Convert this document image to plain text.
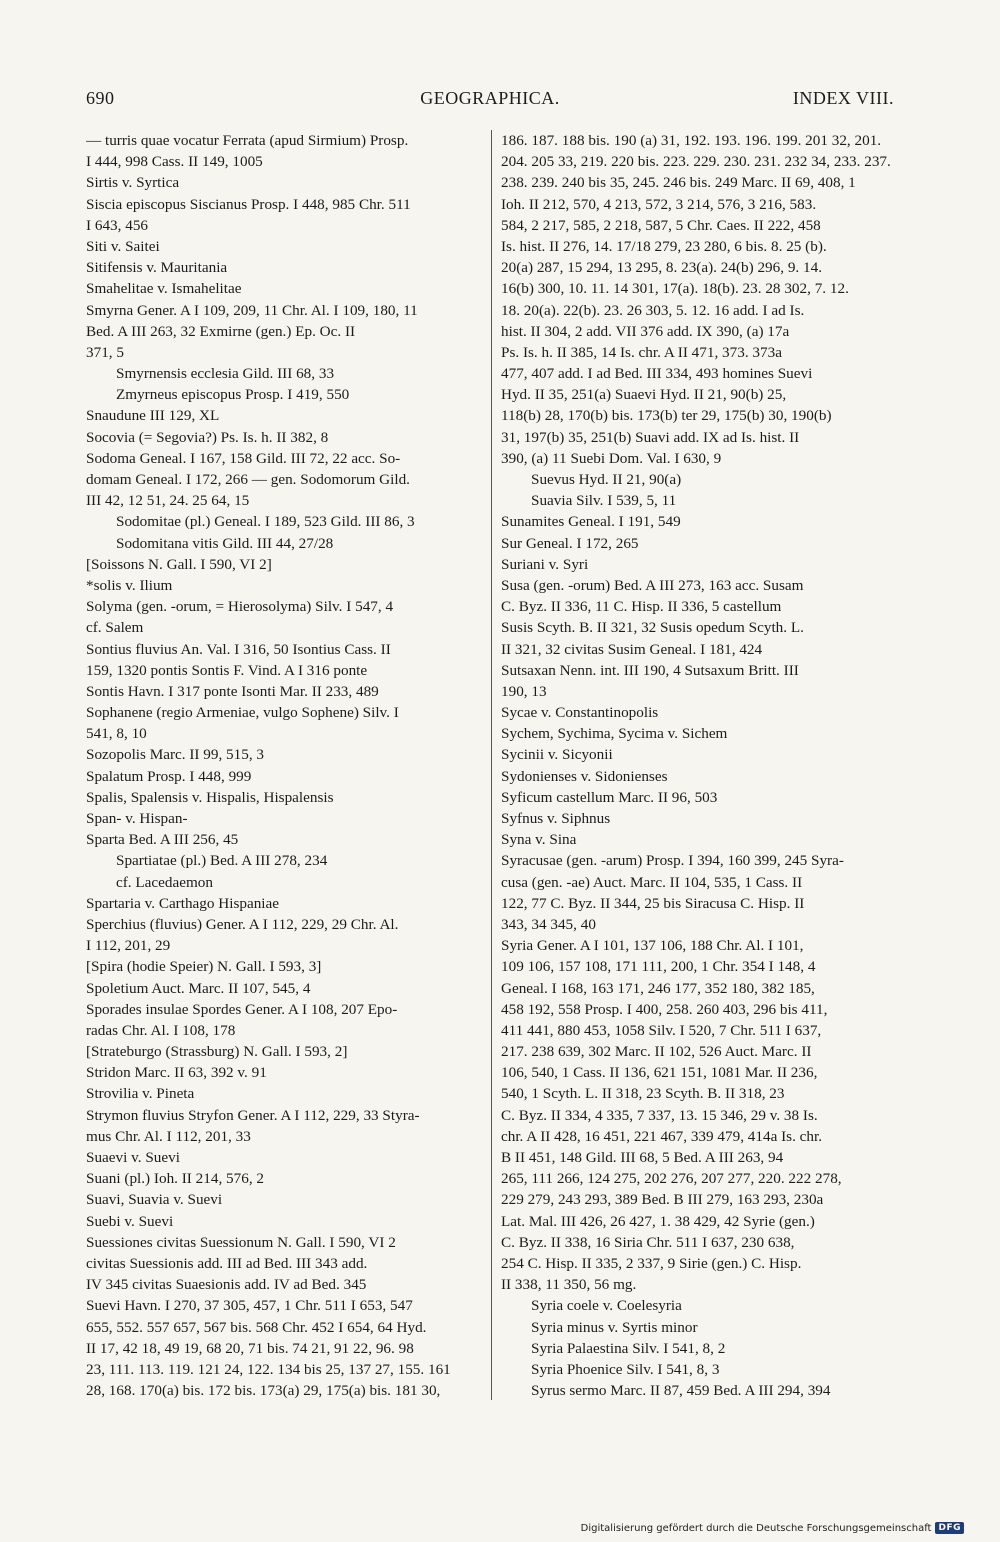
690	GEOGRAPHICA.	INDEX VIII.
— turris quae vocatur Ferrata (apud Sirmium) Prosp.
I 444, 998 Cass. II 149, 1005
Sirtis v. Syrtica
Siscia episcopus Siscianus Prosp. I 448, 985 Chr. 511
I 643, 456
Siti v. Saitei
Sitifensis v. Mauritania
Smahelitae v. Ismahelitae
Smyrna Gener. A I 109, 209, 11 Chr. Al. I 109, 180, 11
Bed. A III 263, 32 Exmirne (gen.) Ep. Oc. II
371, 5
Smyrnensis ecclesia Gild. III 68, 33
Zmyrneus episcopus Prosp. I 419, 550
Snaudune III 129, XL
Socovia (= Segovia?) Ps. Is. h. II 382, 8
Sodoma Geneal. I 167, 158 Gild. III 72, 22 acc. So-
domam Geneal. I 172, 266 — gen. Sodomorum Gild.
III 42, 12 51, 24. 25 64, 15
Sodomitae (pl.) Geneal. I 189, 523 Gild. III 86, 3
Sodomitana vitis Gild. III 44, 27/28
[Soissons N. Gall. I 590, VI 2]
*solis v. Ilium
Solyma (gen. -orum, = Hierosolyma) Silv. I 547, 4
cf. Salem
Sontius fluvius An. Val. I 316, 50 Isontius Cass. II
159, 1320 pontis Sontis F. Vind. A I 316 ponte
Sontis Havn. I 317 ponte Isonti Mar. II 233, 489
Sophanene (regio Armeniae, vulgo Sophene) Silv. I
541, 8, 10
Sozopolis Marc. II 99, 515, 3
Spalatum Prosp. I 448, 999
Spalis, Spalensis v. Hispalis, Hispalensis
Span- v. Hispan-
Sparta Bed. A III 256, 45
Spartiatae (pl.) Bed. A III 278, 234
cf. Lacedaemon
Spartaria v. Carthago Hispaniae
Sperchius (fluvius) Gener. A I 112, 229, 29 Chr. Al.
I 112, 201, 29
[Spira (hodie Speier) N. Gall. I 593, 3]
Spoletium Auct. Marc. II 107, 545, 4
Sporades insulae Spordes Gener. A I 108, 207 Epo-
radas Chr. Al. I 108, 178
[Strateburgo (Strassburg) N. Gall. I 593, 2]
Stridon Marc. II 63, 392 v. 91
Strovilia v. Pineta
Strymon fluvius Stryfon Gener. A I 112, 229, 33 Styra-
mus Chr. Al. I 112, 201, 33
Suaevi v. Suevi
Suani (pl.) Ioh. II 214, 576, 2
Suavi, Suavia v. Suevi
Suebi v. Suevi
Suessiones civitas Suessionum N. Gall. I 590, VI 2
civitas Suessionis add. III ad Bed. III 343 add.
IV 345 civitas Suaesionis add. IV ad Bed. 345
Suevi Havn. I 270, 37 305, 457, 1 Chr. 511 I 653, 547
655, 552. 557 657, 567 bis. 568 Chr. 452 I 654, 64 Hyd.
II 17, 42 18, 49 19, 68 20, 71 bis. 74 21, 91 22, 96. 98
23, 111. 113. 119. 121 24, 122. 134 bis 25, 137 27, 155. 161
28, 168. 170(a) bis. 172 bis. 173(a) 29, 175(a) bis. 181 30,
186. 187. 188 bis. 190 (a) 31, 192. 193. 196. 199. 201 32, 201.
204. 205 33, 219. 220 bis. 223. 229. 230. 231. 232 34, 233. 237.
238. 239. 240 bis 35, 245. 246 bis. 249 Marc. II 69, 408, 1
Ioh. II 212, 570, 4 213, 572, 3 214, 576, 3 216, 583.
584, 2 217, 585, 2 218, 587, 5 Chr. Caes. II 222, 458
Is. hist. II 276, 14. 17/18 279, 23 280, 6 bis. 8. 25 (b).
20(a) 287, 15 294, 13 295, 8. 23(a). 24(b) 296, 9. 14.
16(b) 300, 10. 11. 14 301, 17(a). 18(b). 23. 28 302, 7. 12.
18. 20(a). 22(b). 23. 26 303, 5. 12. 16 add. I ad Is.
hist. II 304, 2 add. VII 376 add. IX 390, (a) 17a
Ps. Is. h. II 385, 14 Is. chr. A II 471, 373. 373a
477, 407 add. I ad Bed. III 334, 493 homines Suevi
Hyd. II 35, 251(a) Suaevi Hyd. II 21, 90(b) 25,
118(b) 28, 170(b) bis. 173(b) ter 29, 175(b) 30, 190(b)
31, 197(b) 35, 251(b) Suavi add. IX ad Is. hist. II
390, (a) 11 Suebi Dom. Val. I 630, 9
Suevus Hyd. II 21, 90(a)
Suavia Silv. I 539, 5, 11
Sunamites Geneal. I 191, 549
Sur Geneal. I 172, 265
Suriani v. Syri
Susa (gen. -orum) Bed. A III 273, 163 acc. Susam
C. Byz. II 336, 11 C. Hisp. II 336, 5 castellum
Susis Scyth. B. II 321, 32 Susis opedum Scyth. L.
II 321, 32 civitas Susim Geneal. I 181, 424
Sutsaxan Nenn. int. III 190, 4 Sutsaxum Britt. III
190, 13
Sycae v. Constantinopolis
Sychem, Sychima, Sycima v. Sichem
Sycinii v. Sicyonii
Sydonienses v. Sidonienses
Syficum castellum Marc. II 96, 503
Syfnus v. Siphnus
Syna v. Sina
Syracusae (gen. -arum) Prosp. I 394, 160 399, 245 Syra-
cusa (gen. -ae) Auct. Marc. II 104, 535, 1 Cass. II
122, 77 C. Byz. II 344, 25 bis Siracusa C. Hisp. II
343, 34 345, 40
Syria Gener. A I 101, 137 106, 188 Chr. Al. I 101,
109 106, 157 108, 171 111, 200, 1 Chr. 354 I 148, 4
Geneal. I 168, 163 171, 246 177, 352 180, 382 185,
458 192, 558 Prosp. I 400, 258. 260 403, 296 bis 411,
411 441, 880 453, 1058 Silv. I 520, 7 Chr. 511 I 637,
217. 238 639, 302 Marc. II 102, 526 Auct. Marc. II
106, 540, 1 Cass. II 136, 621 151, 1081 Mar. II 236,
540, 1 Scyth. L. II 318, 23 Scyth. B. II 318, 23
C. Byz. II 334, 4 335, 7 337, 13. 15 346, 29 v. 38 Is.
chr. A II 428, 16 451, 221 467, 339 479, 414a Is. chr.
B II 451, 148 Gild. III 68, 5 Bed. A III 263, 94
265, 111 266, 124 275, 202 276, 207 277, 220. 222 278,
229 279, 243 293, 389 Bed. B III 279, 163 293, 230a
Lat. Mal. III 426, 26 427, 1. 38 429, 42 Syrie (gen.)
C. Byz. II 338, 16 Siria Chr. 511 I 637, 230 638,
254 C. Hisp. II 335, 2 337, 9 Sirie (gen.) C. Hisp.
II 338, 11 350, 56 mg.
Syria coele v. Coelesyria
Syria minus v. Syrtis minor
Syria Palaestina Silv. I 541, 8, 2
Syria Phoenice Silv. I 541, 8, 3
Syrus sermo Marc. II 87, 459 Bed. A III 294, 394
Digitalisierung gefördert durch die Deutsche Forschungsgemeinschaft DFG
